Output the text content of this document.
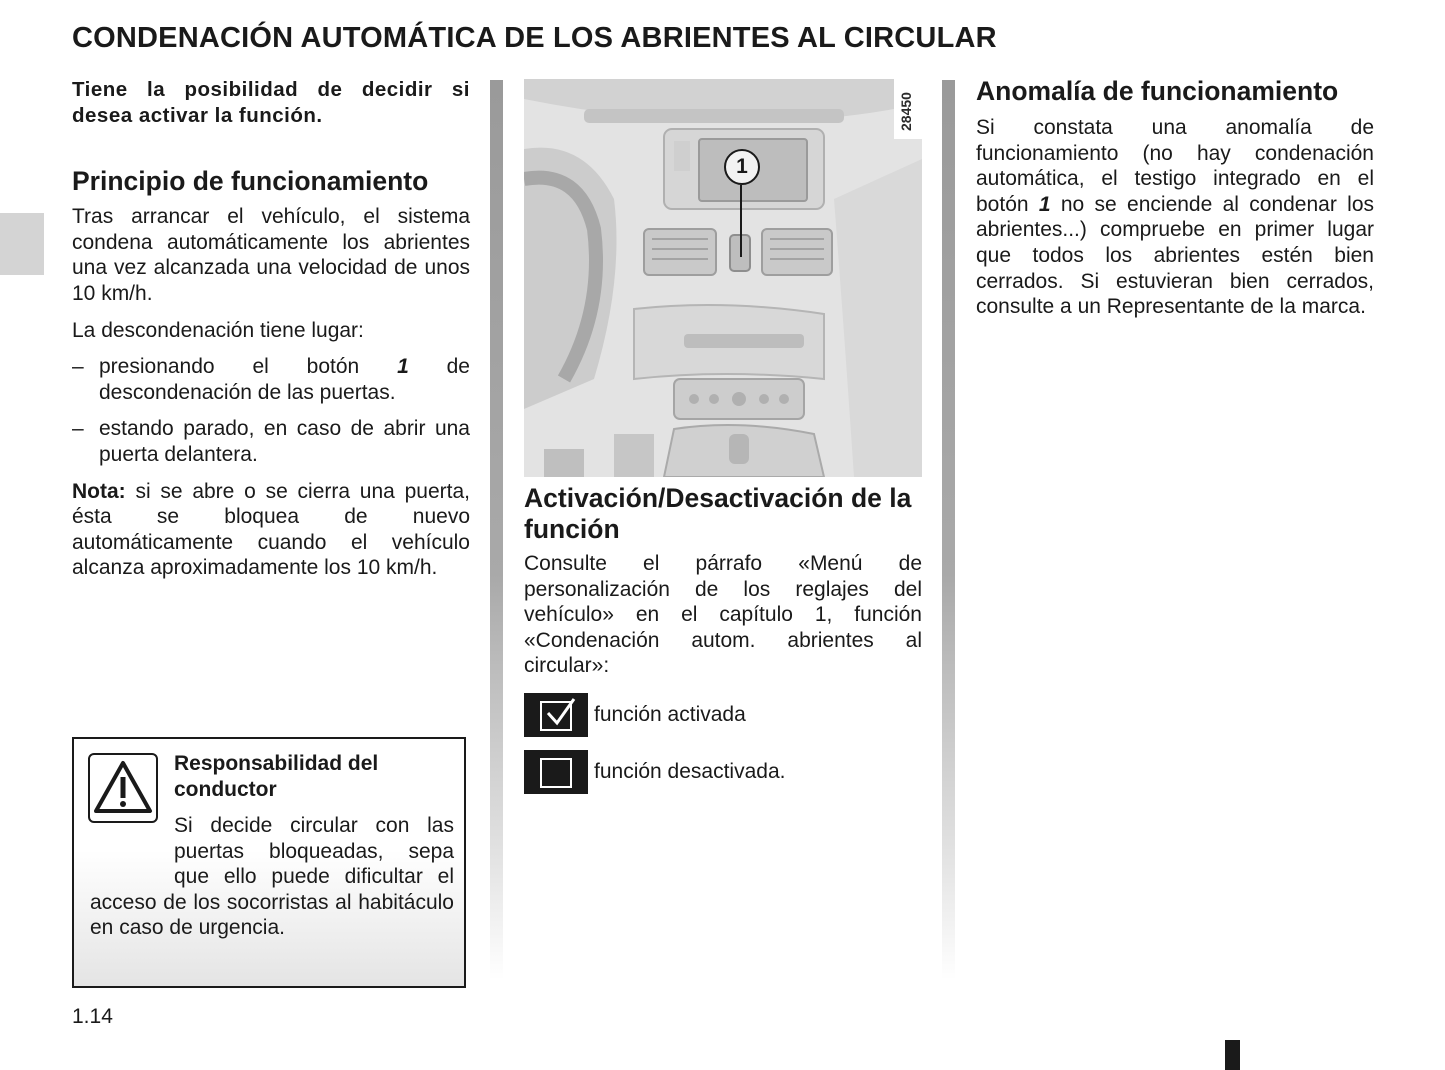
CONDENACIÓN AUTOMÁTICA DE LOS ABRIENTES AL CIRCULAR

Tiene la posibilidad de decidir si desea activar la función.

Principio de funcionamiento

Tras arrancar el vehículo, el sistema condena automáticamente los abrientes una vez alcanzada una velocidad de unos 10 km/h.

La descondenación tiene lugar:

– presionando el botón 1 de descondenación de las puertas.
– estando parado, en caso de abrir una puerta delantera.

Nota: si se abre o se cierra una puerta, ésta se bloquea de nuevo automáticamente cuando el vehículo alcanza aproximadamente los 10 km/h.

Responsabilidad del conductor
Si decide circular con las puertas bloqueadas, sepa que ello puede dificultar el acceso de los socorristas al habitáculo en caso de urgencia.
28450
1
Activación/Desactivación de la función

Consulte el párrafo «Menú de personalización de los reglajes del vehículo» en el capítulo 1, función «Condenación autom. abrientes al circular»:

función activada
función desactivada.
Anomalía de funcionamiento

Si constata una anomalía de funcionamiento (no hay condenación automática, el testigo integrado en el botón 1 no se enciende al condenar los abrientes...) compruebe en primer lugar que todos los abrientes estén bien cerrados. Si estuvieran bien cerrados, consulte a un Representante de la marca.

1.14
